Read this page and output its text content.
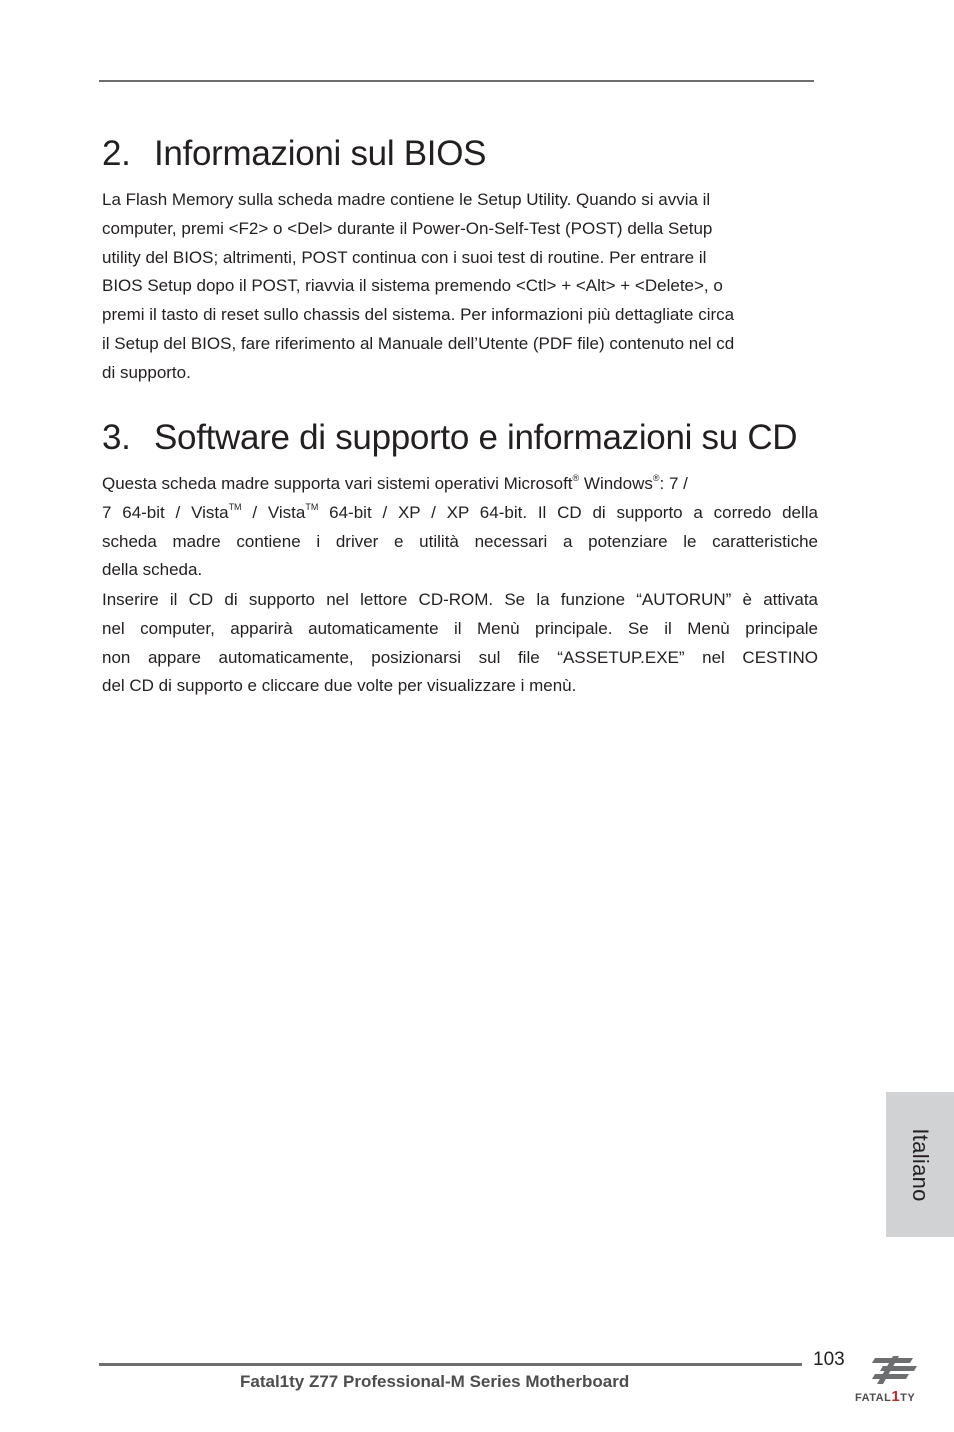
2. Informazioni sul BIOS
La Flash Memory sulla scheda madre contiene le Setup Utility. Quando si avvia il
computer, premi <F2> o <Del> durante il Power-On-Self-Test (POST) della Setup
utility del BIOS; altrimenti, POST continua con i suoi test di routine. Per entrare il
BIOS Setup dopo il POST, riavvia il sistema premendo <Ctl> + <Alt> + <Delete>, o
premi il tasto di reset sullo chassis del sistema. Per informazioni più dettagliate circa
il Setup del BIOS, fare riferimento al Manuale dell’Utente (PDF file) contenuto nel cd
di supporto.
3. Software di supporto e informazioni su CD
Questa scheda madre supporta vari sistemi operativi Microsoft® Windows®: 7 /
7 64-bit / Vista™ / Vista™ 64-bit / XP / XP 64-bit. Il CD di supporto a corredo della
scheda madre contiene i driver e utilità necessari a potenziare le caratteristiche
della scheda.
Inserire il CD di supporto nel lettore CD-ROM. Se la funzione “AUTORUN” è attivata
nel computer, apparirà automaticamente il Menù principale. Se il Menù principale
non appare automaticamente, posizionarsi sul file “ASSETUP.EXE” nel CESTINO
del CD di supporto e cliccare due volte per visualizzare i menù.
Italiano
103
Fatal1ty Z77 Professional-M Series Motherboard
FATAL1TY
